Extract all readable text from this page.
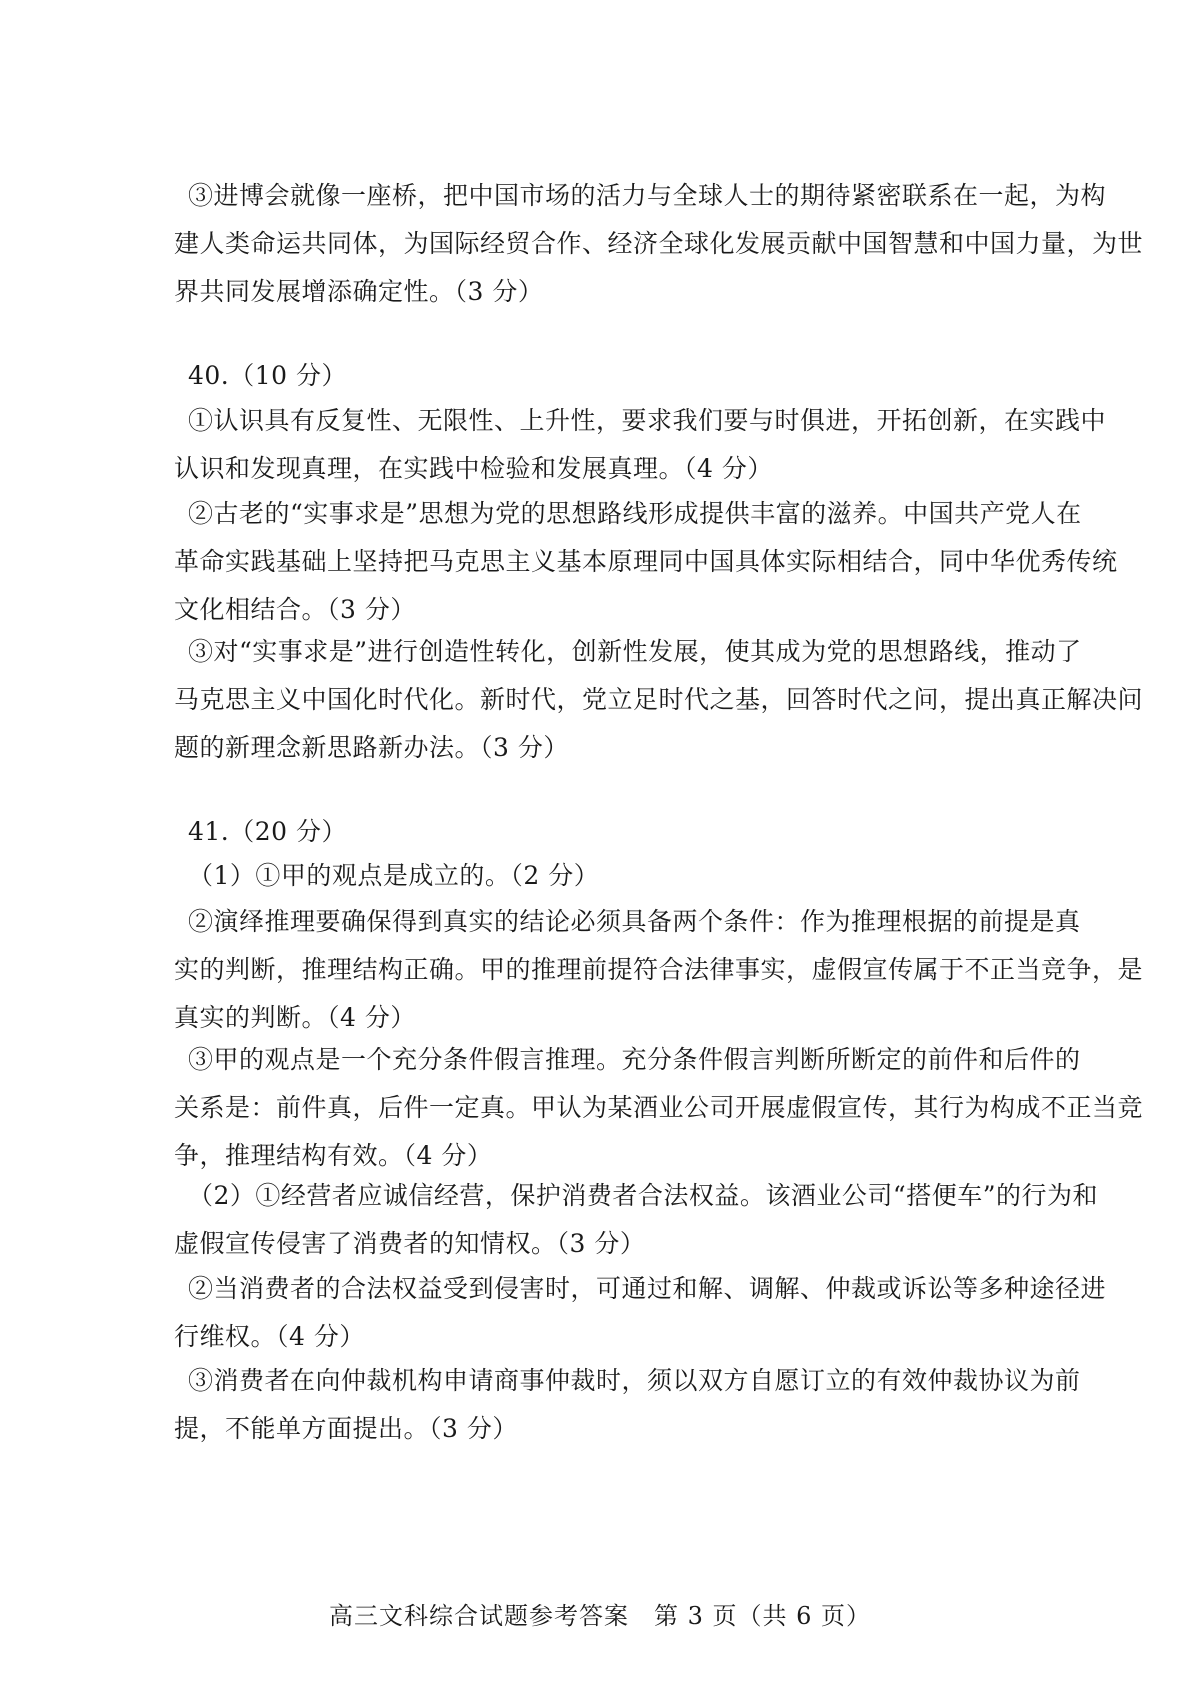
③进博会就像一座桥，把中国市场的活力与全球人士的期待紧密联系在一起，为构
建人类命运共同体，为国际经贸合作、经济全球化发展贡献中国智慧和中国力量，为世
界共同发展增添确定性。（3 分）
40.（10 分）
①认识具有反复性、无限性、上升性，要求我们要与时俱进，开拓创新，在实践中
认识和发现真理，在实践中检验和发展真理。（4 分）
②古老的“实事求是”思想为党的思想路线形成提供丰富的滋养。中国共产党人在
革命实践基础上坚持把马克思主义基本原理同中国具体实际相结合，同中华优秀传统
文化相结合。（3 分）
③对“实事求是”进行创造性转化，创新性发展，使其成为党的思想路线，推动了
马克思主义中国化时代化。新时代，党立足时代之基，回答时代之问，提出真正解决问
题的新理念新思路新办法。（3 分）
41.（20 分）
（1）①甲的观点是成立的。（2 分）
②演绎推理要确保得到真实的结论必须具备两个条件：作为推理根据的前提是真
实的判断，推理结构正确。甲的推理前提符合法律事实，虚假宣传属于不正当竞争，是
真实的判断。（4 分）
③甲的观点是一个充分条件假言推理。充分条件假言判断所断定的前件和后件的
关系是：前件真，后件一定真。甲认为某酒业公司开展虚假宣传，其行为构成不正当竞
争，推理结构有效。（4 分）
（2）①经营者应诚信经营，保护消费者合法权益。该酒业公司“搭便车”的行为和
虚假宣传侵害了消费者的知情权。（3 分）
②当消费者的合法权益受到侵害时，可通过和解、调解、仲裁或诉讼等多种途径进
行维权。（4 分）
③消费者在向仲裁机构申请商事仲裁时，须以双方自愿订立的有效仲裁协议为前
提，不能单方面提出。（3 分）
高三文科综合试题参考答案　第 3 页（共 6 页）
